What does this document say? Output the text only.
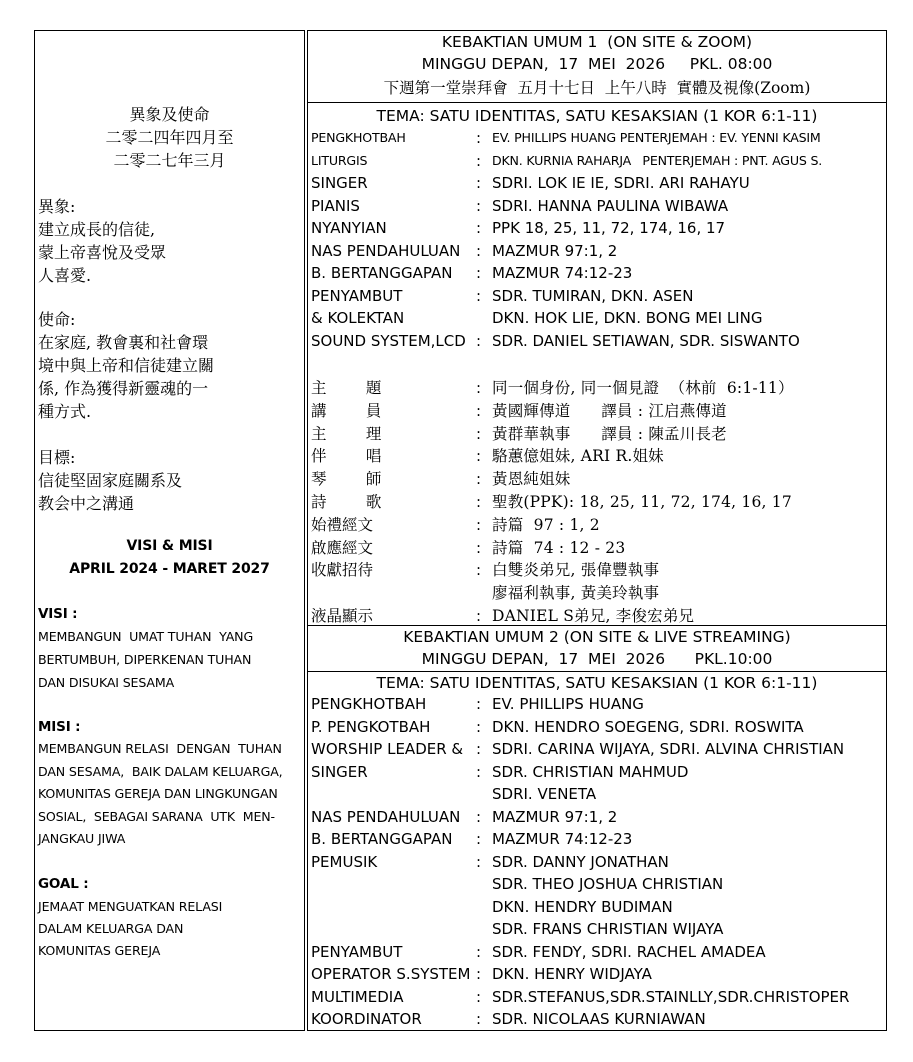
異象及使命
二零二四年四月至
二零二七年三月
異象:
建立成長的信徒,
蒙上帝喜悅及受眾
人喜愛.
使命:
在家庭, 教會裏和社會環
境中與上帝和信徒建立關
係, 作為獲得新靈魂的一
種方式.
目標:
信徒堅固家庭關系及
教会中之溝通
VISI & MISI
APRIL 2024 - MARET 2027
VISI :
MEMBANGUN  UMAT TUHAN  YANG
BERTUMBUH, DIPERKENAN TUHAN
DAN DISUKAI SESAMA
MISI :
MEMBANGUN RELASI  DENGAN  TUHAN
DAN SESAMA,  BAIK DALAM KELUARGA,
KOMUNITAS GEREJA DAN LINGKUNGAN
SOSIAL,  SEBAGAI SARANA  UTK  MEN-
JANGKAU JIWA
GOAL :
JEMAAT MENGUATKAN RELASI
DALAM KELUARGA DAN
KOMUNITAS GEREJA
KEBAKTIAN UMUM 1  (ON SITE & ZOOM)
MINGGU DEPAN,  17  MEI  2026     PKL. 08:00
下週第一堂崇拜會  五月十七日  上午八時  實體及視像(Zoom)
TEMA: SATU IDENTITAS, SATU KESAKSIAN (1 KOR 6:1-11)
PENGKHOTBAH	: EV. PHILLIPS HUANG PENTERJEMAH : EV. YENNI KASIM
LITURGIS	: DKN. KURNIA RAHARJA   PENTERJEMAH : PNT. AGUS S.
SINGER	: SDRI. LOK IE IE, SDRI. ARI RAHAYU
PIANIS	: SDRI. HANNA PAULINA WIBAWA
NYANYIAN	: PPK 18, 25, 11, 72, 174, 16, 17
NAS PENDAHULUAN : MAZMUR 97:1, 2
B. BERTANGGAPAN : MAZMUR 74:12-23
PENYAMBUT	: SDR. TUMIRAN, DKN. ASEN
& KOLEKTAN	DKN. HOK LIE, DKN. BONG MEI LING
SOUND SYSTEM,LCD : SDR. DANIEL SETIAWAN, SDR. SISWANTO
主        題	: 同一個身份, 同一個見證  （林前  6:1-11）
講        員	: 黃國輝傳道      譯員 : 江启燕傳道
主        理	: 黃群華執事      譯員 : 陳孟川長老
伴        唱	: 駱蕙億姐妹, ARI R.姐妹
琴        師	: 黃恩純姐妹
詩        歌	: 聖教(PPK): 18, 25, 11, 72, 174, 16, 17
始禮經文	: 詩篇  97 : 1, 2
啟應經文	: 詩篇  74 : 12 - 23
收獻招待	: 白雙炎弟兄, 張偉豐執事
廖福利執事, 黃美玲執事
液晶顯示	: DANIEL S弟兄, 李俊宏弟兄
KEBAKTIAN UMUM 2 (ON SITE & LIVE STREAMING)
MINGGU DEPAN,  17  MEI  2026      PKL.10:00
TEMA: SATU IDENTITAS, SATU KESAKSIAN (1 KOR 6:1-11)
PENGKHOTBAH	: EV. PHILLIPS HUANG
P. PENGKOTBAH	: DKN. HENDRO SOEGENG, SDRI. ROSWITA
WORSHIP LEADER & : SDRI. CARINA WIJAYA, SDRI. ALVINA CHRISTIAN
SINGER	: SDR. CHRISTIAN MAHMUD
SDRI. VENETA
NAS PENDAHULUAN : MAZMUR 97:1, 2
B. BERTANGGAPAN : MAZMUR 74:12-23
PEMUSIK	: SDR. DANNY JONATHAN
SDR. THEO JOSHUA CHRISTIAN
DKN. HENDRY BUDIMAN
SDR. FRANS CHRISTIAN WIJAYA
PENYAMBUT	: SDR. FENDY, SDRI. RACHEL AMADEA
OPERATOR S.SYSTEM : DKN. HENRY WIDJAYA
MULTIMEDIA	: SDR.STEFANUS,SDR.STAINLLY,SDR.CHRISTOPER
KOORDINATOR	: SDR. NICOLAAS KURNIAWAN
